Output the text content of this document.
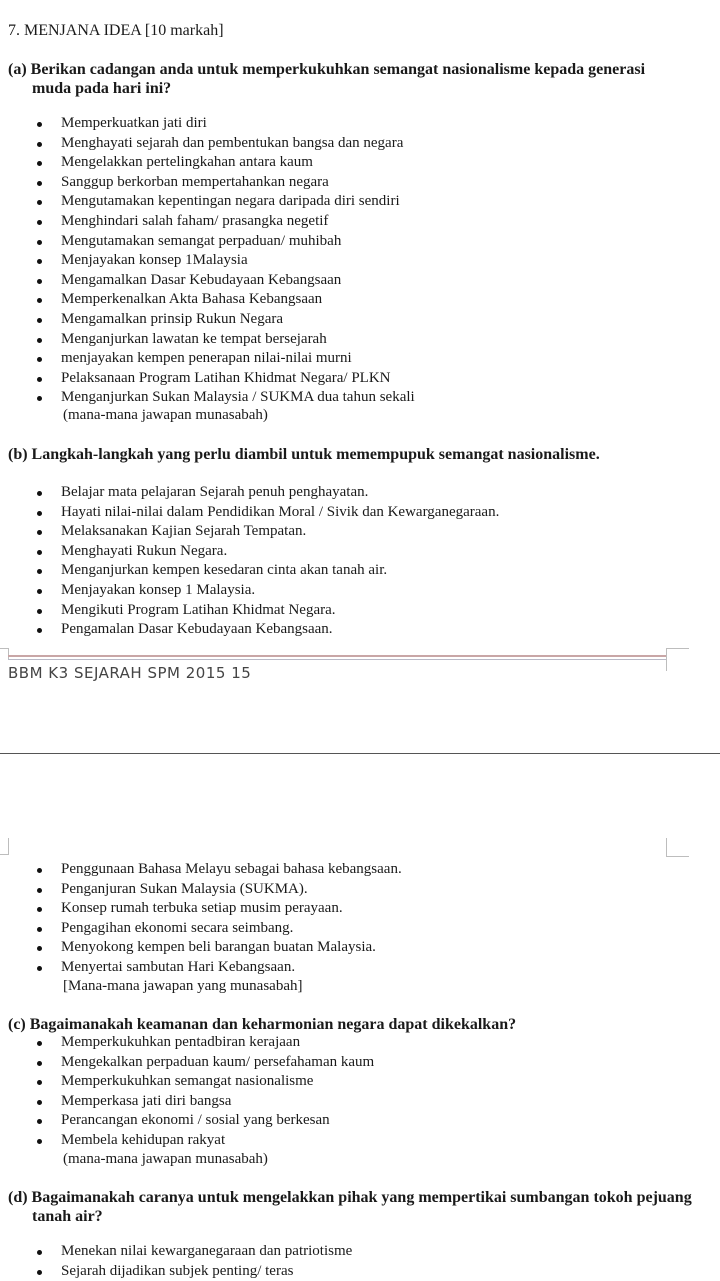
7. MENJANA IDEA [10 markah]

(a) Berikan cadangan anda untuk memperkukuhkan semangat nasionalisme kepada generasi
muda pada hari ini?
Memperkuatkan jati diri
Menghayati sejarah dan pembentukan bangsa dan negara
Mengelakkan pertelingkahan antara kaum
Sanggup berkorban mempertahankan negara
Mengutamakan kepentingan negara daripada diri sendiri
Menghindari salah faham/ prasangka negetif
Mengutamakan semangat perpaduan/ muhibah
Menjayakan konsep 1Malaysia
Mengamalkan Dasar Kebudayaan Kebangsaan
Memperkenalkan Akta Bahasa Kebangsaan
Mengamalkan prinsip Rukun Negara
Menganjurkan lawatan ke tempat bersejarah
menjayakan kempen penerapan nilai-nilai murni
Pelaksanaan Program Latihan Khidmat Negara/ PLKN
Menganjurkan Sukan Malaysia / SUKMA dua tahun sekali

(mana-mana jawapan munasabah)

(b) Langkah-langkah yang perlu diambil untuk memempupuk semangat nasionalisme.

Belajar mata pelajaran Sejarah penuh penghayatan.
Hayati nilai-nilai dalam Pendidikan Moral / Sivik dan Kewarganegaraan.
Melaksanakan Kajian Sejarah Tempatan.
Menghayati Rukun Negara.
Menganjurkan kempen kesedaran cinta akan tanah air.
Menjayakan konsep 1 Malaysia.
Mengikuti Program Latihan Khidmat Negara.
Pengamalan Dasar Kebudayaan Kebangsaan.
BBM K3 SEJARAH SPM 2015 15
Penggunaan Bahasa Melayu sebagai bahasa kebangsaan.
Penganjuran Sukan Malaysia (SUKMA).
Konsep rumah terbuka setiap musim perayaan.
Pengagihan ekonomi secara seimbang.
Menyokong kempen beli barangan buatan Malaysia.
Menyertai sambutan Hari Kebangsaan.

[Mana-mana jawapan yang munasabah]

(c) Bagaimanakah keamanan dan keharmonian negara dapat dikekalkan?

Memperkukuhkan pentadbiran kerajaan
Mengekalkan perpaduan kaum/ persefahaman kaum
Memperkukuhkan semangat nasionalisme
Memperkasa jati diri bangsa
Perancangan ekonomi / sosial yang berkesan
Membela kehidupan rakyat

(mana-mana jawapan munasabah)

(d) Bagaimanakah caranya untuk mengelakkan pihak yang mempertikai sumbangan tokoh pejuang
tanah air?
Menekan nilai kewarganegaraan dan patriotisme
Sejarah dijadikan subjek penting/ teras
